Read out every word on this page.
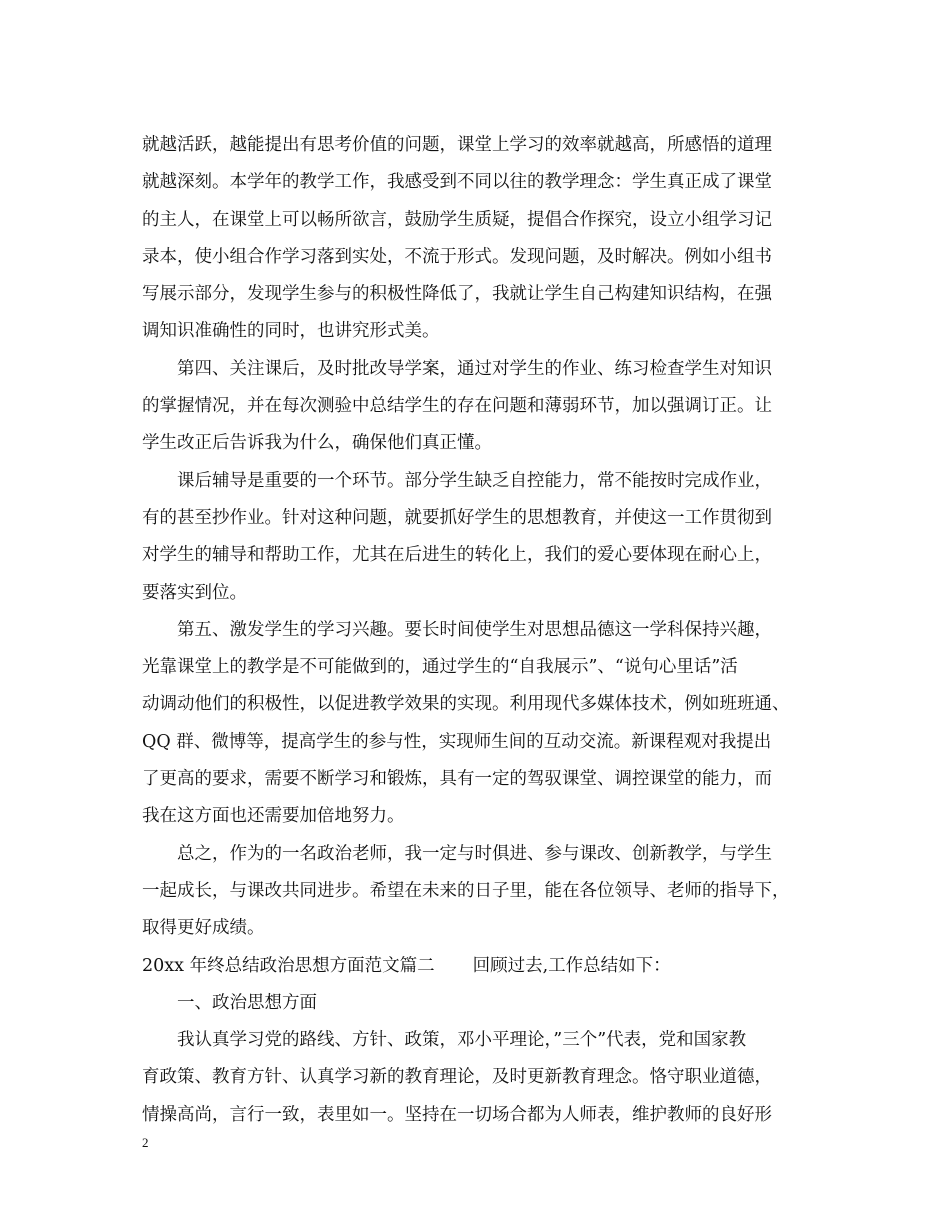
就越活跃，越能提出有思考价值的问题，课堂上学习的效率就越高，所感悟的道理
就越深刻。本学年的教学工作，我感受到不同以往的教学理念：学生真正成了课堂
的主人，在课堂上可以畅所欲言，鼓励学生质疑，提倡合作探究，设立小组学习记
录本，使小组合作学习落到实处，不流于形式。发现问题，及时解决。例如小组书
写展示部分，发现学生参与的积极性降低了，我就让学生自己构建知识结构，在强
调知识准确性的同时，也讲究形式美。
第四、关注课后，及时批改导学案，通过对学生的作业、练习检查学生对知识
的掌握情况，并在每次测验中总结学生的存在问题和薄弱环节，加以强调订正。让
学生改正后告诉我为什么，确保他们真正懂。
课后辅导是重要的一个环节。部分学生缺乏自控能力，常不能按时完成作业，
有的甚至抄作业。针对这种问题，就要抓好学生的思想教育，并使这一工作贯彻到
对学生的辅导和帮助工作，尤其在后进生的转化上，我们的爱心要体现在耐心上，
要落实到位。
第五、激发学生的学习兴趣。要长时间使学生对思想品德这一学科保持兴趣，
光靠课堂上的教学是不可能做到的，通过学生的“自我展示”、“说句心里话”活
动调动他们的积极性，以促进教学效果的实现。利用现代多媒体技术，例如班班通、
QQ 群、微博等，提高学生的参与性，实现师生间的互动交流。新课程观对我提出
了更高的要求，需要不断学习和锻炼，具有一定的驾驭课堂、调控课堂的能力，而
我在这方面也还需要加倍地努力。
总之，作为的一名政治老师，我一定与时俱进、参与课改、创新教学，与学生
一起成长，与课改共同进步。希望在未来的日子里，能在各位领导、老师的指导下，
取得更好成绩。
20xx 年终总结政治思想方面范文篇二 回顾过去,工作总结如下：
一、政治思想方面
我认真学习党的路线、方针、政策，邓小平理论，”三个”代表，党和国家教
育政策、教育方针、认真学习新的教育理论，及时更新教育理念。恪守职业道德，
情操高尚，言行一致，表里如一。坚持在一切场合都为人师表，维护教师的良好形
2
